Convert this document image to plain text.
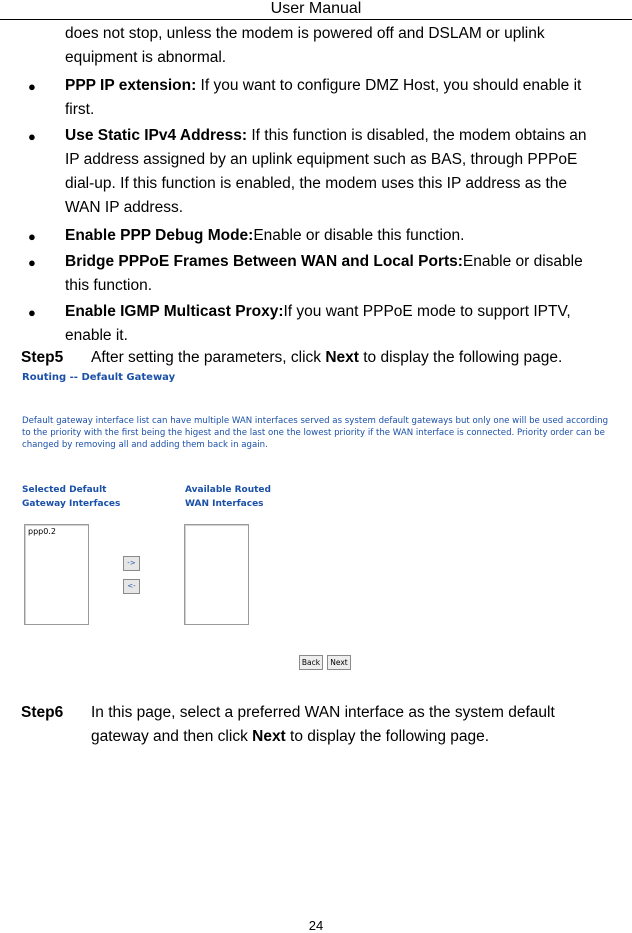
User Manual
does not stop, unless the modem is powered off and DSLAM or uplink
equipment is abnormal.
● PPP IP extension: If you want to configure DMZ Host, you should enable it
first.
● Use Static IPv4 Address: If this function is disabled, the modem obtains an
IP address assigned by an uplink equipment such as BAS, through PPPoE
dial-up. If this function is enabled, the modem uses this IP address as the
WAN IP address.
● Enable PPP Debug Mode:Enable or disable this function.
● Bridge PPPoE Frames Between WAN and Local Ports:Enable or disable
this function.
● Enable IGMP Multicast Proxy:If you want PPPoE mode to support IPTV,
enable it.
Step5 After setting the parameters, click Next to display the following page.
Routing -- Default Gateway
Default gateway interface list can have multiple WAN interfaces served as system default gateways but only one will be used according to the priority with the first being the higest and the last one the lowest priority if the WAN interface is connected. Priority order can be changed by removing all and adding them back in again.
Selected Default
Gateway Interfaces
Available Routed
WAN Interfaces
ppp0.2
->
<-
Back	Next
Step6 In this page, select a preferred WAN interface as the system default
gateway and then click Next to display the following page.
24
